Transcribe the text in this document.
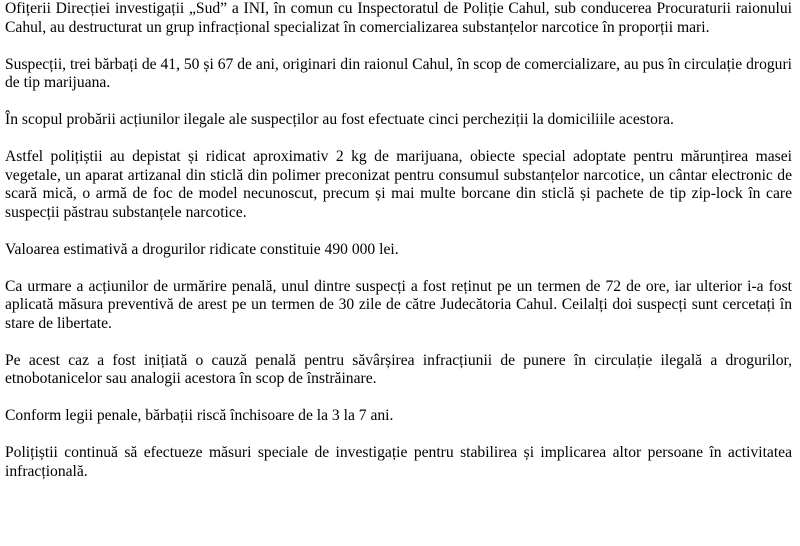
Ofițerii Direcției investigații „Sud” a INI, în comun cu Inspectoratul de Poliție Cahul, sub conducerea Procuraturii raionului Cahul, au destructurat un grup infracțional specializat în comercializarea substanțelor narcotice în proporții mari.

Suspecții, trei bărbați de 41, 50 și 67 de ani, originari din raionul Cahul, în scop de comercializare, au pus în circulație droguri de tip marijuana.

În scopul probării acțiunilor ilegale ale suspecților au fost efectuate cinci percheziții la domiciliile acestora.

Astfel polițiștii au depistat și ridicat aproximativ 2 kg de marijuana, obiecte special adoptate pentru mărunțirea masei vegetale, un aparat artizanal din sticlă din polimer preconizat pentru consumul substanțelor narcotice, un cântar electronic de scară mică, o armă de foc de model necunoscut, precum și mai multe borcane din sticlă și pachete de tip zip-lock în care suspecții păstrau substanțele narcotice.

Valoarea estimativă a drogurilor ridicate constituie 490 000 lei.

Ca urmare a acțiunilor de urmărire penală, unul dintre suspecți a fost reținut pe un termen de 72 de ore, iar ulterior i-a fost aplicată măsura preventivă de arest pe un termen de 30 zile de către Judecătoria Cahul. Ceilalți doi suspecți sunt cercetați în stare de libertate.

Pe acest caz a fost inițiată o cauză penală pentru săvârșirea infracțiunii de punere în circulație ilegală a drogurilor, etnobotanicelor sau analogii acestora în scop de înstrăinare.

Conform legii penale, bărbații riscă închisoare de la 3 la 7 ani.

Polițiștii continuă să efectueze măsuri speciale de investigație pentru stabilirea și implicarea altor persoane în activitatea infracțională.
